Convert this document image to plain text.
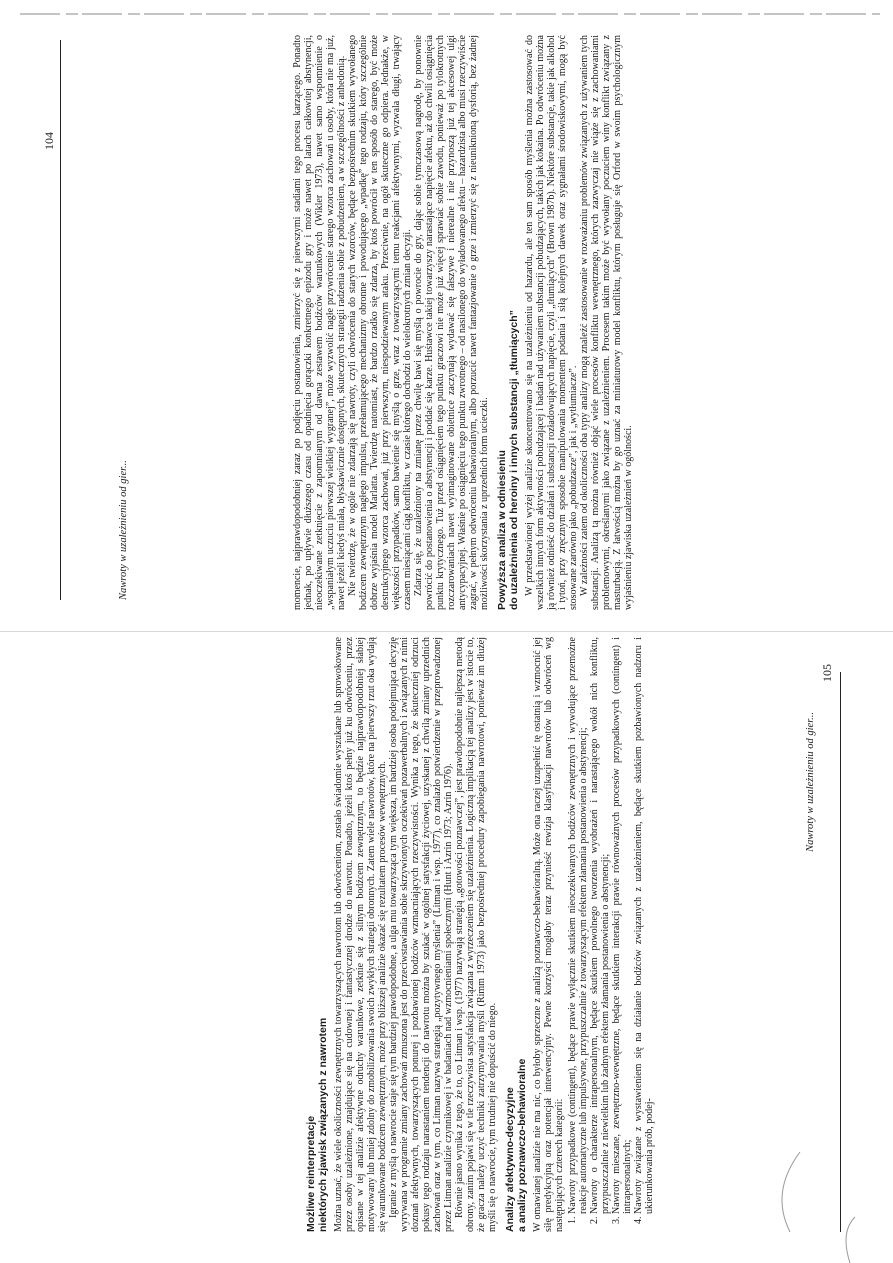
Nawroty w uzależnieniu od gier...
104	momencie, najprawdopodobniej zaraz po podjęciu postanowienia, zmierzyć się z pierwszymi stadiami tego procesu karzącego. Ponadto jednak, po upływie dłuższego czasu od opadnięcia gorączki konkretnego epizodu gry i może nawet po latach całkowitej abstynencji, nieoczekiwane zetknięcie z zapomnianym od dawna zestawem bodźców warunkowych (Wikler 1973), nawet samo wspomnienie o „wspaniałym uczuciu pierwszej wielkiej wygranej”, może wyzwolić nagłe przywrócenie starego wzorca zachowań u osoby, która nie ma już, nawet jeżeli kiedyś miała, błyskawicznie dostępnych, skutecznych strategii radzenia sobie z pobudzeniem, a w szczególności z anhedonią. Nie twierdzę, że w ogóle nie zdarzają się nawroty, czyli odwrócenia do starych wzorców, będące bezpośrednim skutkiem wywołanego bodźcem zewnętrznym nagłego impulsu, przełamującego mechanizmy obronne i powodującego „wpadkę” tego rodzaju, który szczególnie dobrze wyjaśnia model Marlatta. Twierdzę natomiast, że bardzo rzadko się zdarza, by ktoś powrócił w ten sposób do starego, być może destrukcyjnego wzorca zachowań, już przy pierwszym, niespodziewanym ataku. Przeciwnie, na ogół skuteczne go odpiera. Jednakże, w większości przypadków, samo bawienie się myślą o grze, wraz z towarzyszącymi temu reakcjami afektywnymi, wyzwala długi, trwający czasem miesiącami ciąg konfliktu, w czasie którego dochodzi do wielokrotnych zmian decyzji. Zdarza się, że uzależniony na zmianę przez chwilę bawi się myślą o powrocie do gry, dając sobie tymczasową nagrodę, by ponownie powrócić do postanowienia o abstynencji i poddać się karze. Huśtawce takiej towarzyszy narastające napięcie afektu, aż do chwili osiągnięcia punktu krytycznego. Tuż przed osiągnięciem tego punktu graczowi nie może już więcej sprawiać sobie zawodu, ponieważ po tylokrotnych rozczarowaniach nawet wyimaginowane obietnice zaczynają wydawać się fałszywe i nierealne i nie przynoszą już tej akcesowej ulgi antycypacyjnej. Właśnie po osiągnięciu tego punktu zwrotnego – od nasilonego do wyładowanego afektu – hazardzista albo musi rzeczywiście zagrać, w pełnym odwróceniu behawioralnym, albo porzucić nawet fantazjowanie o grze i zmierzyć się z nieuniknioną dysforią, bez żadnej możliwości skorzystania z uprzednich form ucieczki. Powyższa analiza w odniesieniu
do uzależnienia od heroiny i innych substancji „tłumiących” W przedstawionej wyżej analizie skoncentrowano się na uzależnieniu od hazardu, ale ten sam sposób myślenia można zastosować do wszelkich innych form aktywności pobudzającej i badań nad używaniem substancji pobudzających, takich jak kokaina. Po odwróceniu można ją również odnieść do działań i substancji rozładowujących napięcie, czyli „tłumiących” (Brown 1987b). Niektóre substancje, takie jak alkohol i tytoń, przy zręcznym sposobie manipulowania momentem podania i siłą kolejnych dawek oraz sygnałami środowiskowymi, mogą być stosowane zarówno jako „pobudzacze”, jak i „wytłumiacze”. W zależności zatem od okoliczności oba typy analizy mogą znaleźć zastosowanie w rozważaniu problemów związanych z używaniem tych substancji. Analizą tą można również objąć wiele procesów konfliktu wewnętrznego, których zazwyczaj nie wiąże się z zachowaniami problemowymi, określanymi jako związane z uzależnieniem. Procesem takim może być wywołany poczuciem winy konflikt związany z masturbacją. Z łatwością można by go uznać za miniaturowy model konfliktu, którym posługuje się Orford w swoim psychologicznym wyjaśnieniu zjawiska uzależnień w ogólności.

Nawroty w uzależnieniu od gier...
105
Możliwe reinterpretacje
niektórych zjawisk związanych z nawrotem Można uznać, że wiele okoliczności zewnętrznych towarzyszących nawrotom lub odwróceniom, zostało świadomie wyszukane lub sprowokowane przez osoby uzależnione, znajdujące się na cudownej i fantastycznej drodze do nawrotu. Ponadto, jeżeli ktoś pełny już ku odwróceniu, przez opisane w tej analizie afektywne odruchy warunkowe, zetknie się z silnym bodźcem zewnętrznym, to będzie najprawdopodobniej słabiej motywowany lub mniej zdolny do zmobilizowania swoich zwykłych strategii obronnych. Zatem wiele nawrotów, które na pierwszy rzut oka wydają się warunkowane bodźcem zewnętrznym, może przy bliższej analizie okazać się rezultatem procesów wewnętrznych. Igranie z myślą o nawrocie staje się tym bardziej prawdopodobne, a ulga mu towarzysząca tym większa, im bardziej osoba podejmująca decyzję wyrywana w programie zmiany zachowań zmuszona jest do przeciwstawiania sobie skrzywionych oczekiwań pozawerbalnych i związanych z nimi doznań afektywnych, towarzyszących ponurej i pozbawionej bodźców wzmacniających rzeczywistości. Wynika z tego, że skuteczniej odrzuci pokusy tego rodzaju narastaniem tendencji do nawrotu można by szukać w ogólnej satysfakcji życiowej, uzyskanej z chwilą zmiany uprzednich zachowań oraz w tym, co Litman nazywa strategią „pozytywnego myślenia” (Litman i wsp. 1977), co znalazło potwierdzenie w przeprowadzonej przez Litman analizie czynnikowej i w badaniach nad wzmocnieniami społecznymi (Hunt i Azrin 1973; Azrin 1976). Równie jasno wynika z tego, że to, co Litman i wsp. (1977) nazywają strategią „gotowości poznawczej”, jest prawdopodobnie najlepszą metodą obrony, zanim pojawi się w tle rzeczywista satysfakcja związana z wyrzeczeniem się uzależnienia. Logiczną implikacją tej analizy jest w istocie to, że gracza należy uczyć techniki zatrzymywania myśli (Rimm 1973) jako bezpośredniej procedury zapobiegania nawrotowi, ponieważ im dłużej myśli się o nawrocie, tym trudniej nie dopuścić do niego. Analizy afektywno-decyzyjne
a analizy poznawczo-behawioralne W omawianej analizie nie ma nic, co byłoby sprzeczne z analizą poznawczo-behawioralną. Może ona raczej uzupełnić tę ostatnią i wzmocnić jej siłę predykcyjną oraz potencjał interwencyjny. Pewne korzyści mogłaby teraz przynieść rewizja klasyfikacji nawrotów lub odwróceń wg następujących czterech kategorii: 1. Nawroty przypadkowe (contingent), będące prawie wyłącznie skutkiem nieoczekiwanych bodźców zewnętrznych i wywołujące przemożne reakcje automatyczne lub impulsywne, przypuszczalnie z towarzyszącym efektem złamania postanowienia o abstynencji; 2. Nawroty o charakterze intrapersonalnym, będące skutkiem powolnego tworzenia wyobrażeń i narastającego wokół nich konfliktu, przypuszczalnie z niewielkim lub żadnym efektem złamania postanowienia o abstynencji; 3. Nawroty mieszane, zewnętrzno-wewnętrzne, będące skutkiem interakcji prawie równoważnych procesów przypadkowych (contingent) i intrapersonalnych; 4. Nawroty związane z wystawieniem się na działanie bodźców związanych z uzależnieniem, będące skutkiem pozbawionych nadzoru i ukierunkowania prób, podej-
